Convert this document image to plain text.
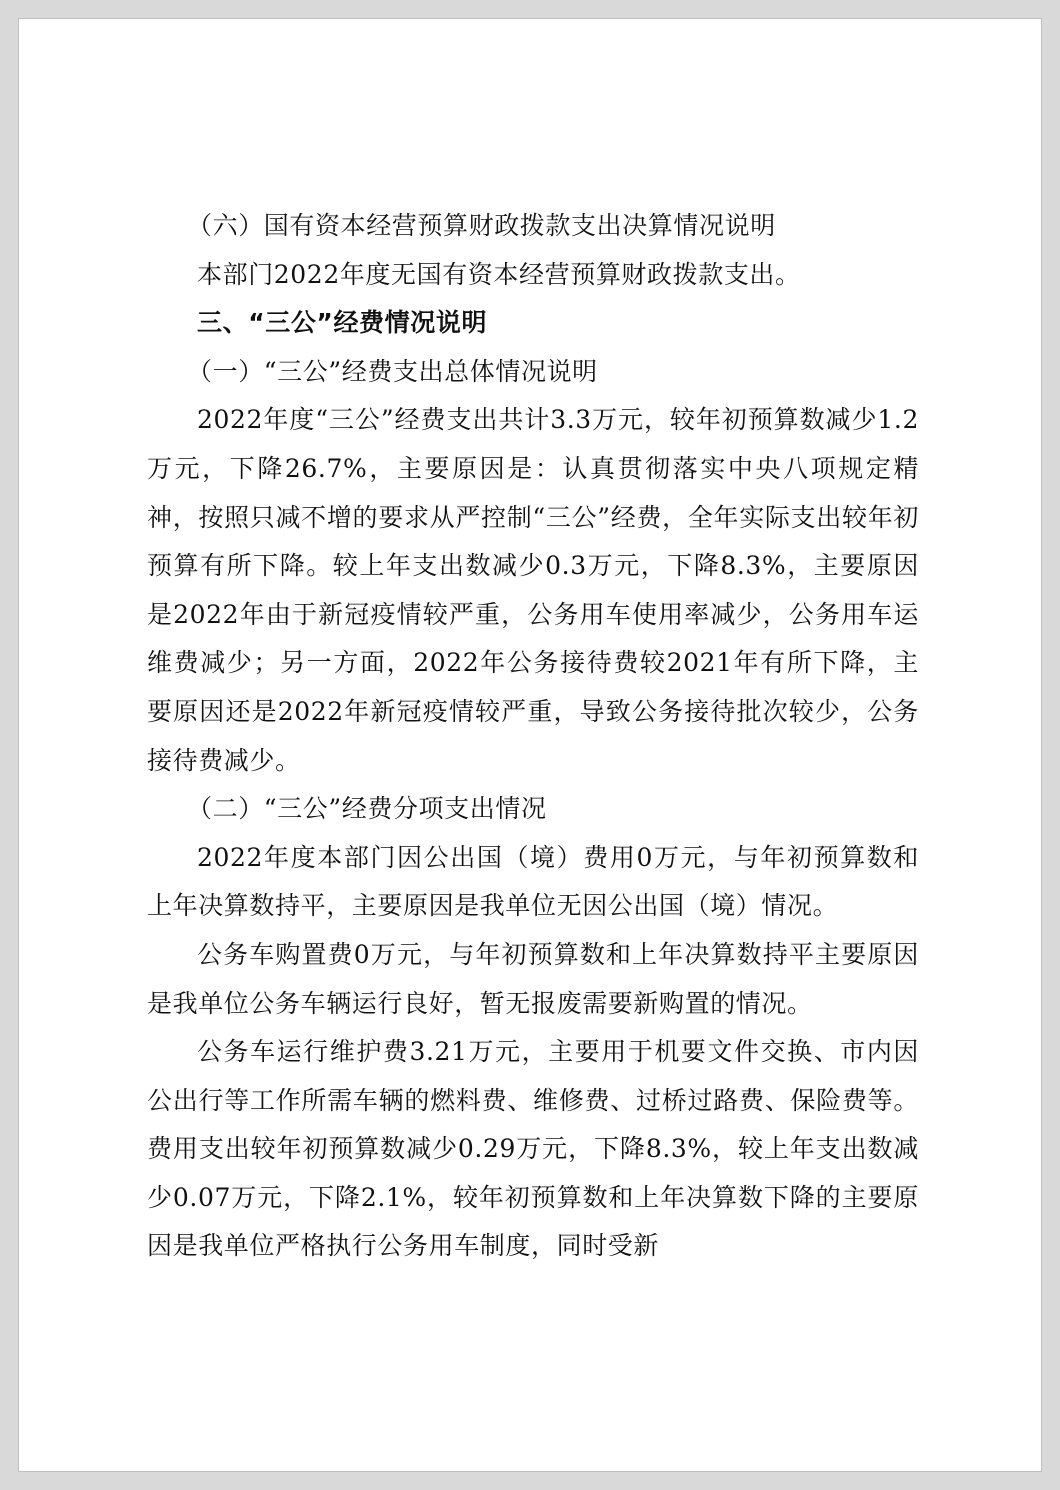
（六）国有资本经营预算财政拨款支出决算情况说明

本部门2022年度无国有资本经营预算财政拨款支出。

三、“三公”经费情况说明

（一）“三公”经费支出总体情况说明

2022年度“三公”经费支出共计3.3万元，较年初预算数减少1.2万元，下降26.7%，主要原因是：认真贯彻落实中央八项规定精神，按照只减不增的要求从严控制“三公”经费，全年实际支出较年初预算有所下降。较上年支出数减少0.3万元，下降8.3%，主要原因是2022年由于新冠疫情较严重，公务用车使用率减少，公务用车运维费减少；另一方面，2022年公务接待费较2021年有所下降，主要原因还是2022年新冠疫情较严重，导致公务接待批次较少，公务接待费减少。

（二）“三公”经费分项支出情况

2022年度本部门因公出国（境）费用0万元，与年初预算数和上年决算数持平，主要原因是我单位无因公出国（境）情况。

公务车购置费0万元，与年初预算数和上年决算数持平主要原因是我单位公务车辆运行良好，暂无报废需要新购置的情况。

公务车运行维护费3.21万元，主要用于机要文件交换、市内因公出行等工作所需车辆的燃料费、维修费、过桥过路费、保险费等。费用支出较年初预算数减少0.29万元，下降8.3%，较上年支出数减少0.07万元，下降2.1%，较年初预算数和上年决算数下降的主要原因是我单位严格执行公务用车制度，同时受新
